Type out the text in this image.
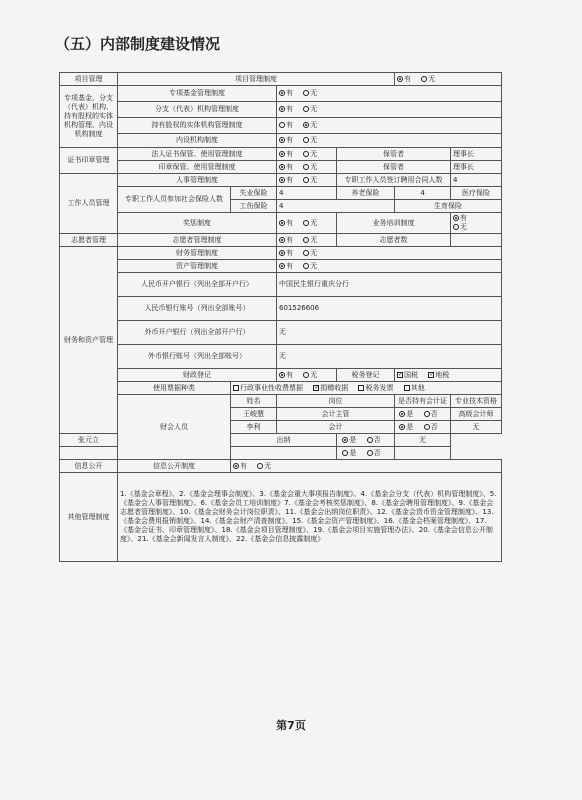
（五）内部制度建设情况
项目管理	项目管理制度				有 无		
专项基金、分支（代表）机构、持有股权的实体机构管理、内设机构制度	专项基金管理制度		有 无				
	分支（代表）机构管理制度		有 无				
	持有股权的实体机构管理制度		有 无				
	内设机构制度		有 无				
证书印章管理	法人证书保管、使用管理制度		有 无	保管者		理事长	
	印章保管、使用管理制度		有 无	保管者		理事长	
工作人员管理	人事管理制度		有 无	专职工作人员签订聘用合同人数		4	
	专职工作人员参加社会保险人数	失业保险	4	养老保险	4	医疗保险	
		工伤保险	4		生育保险	
	奖惩制度		有 无	业务培训制度		有 无	
志愿者管理	志愿者管理制度		有 无	志愿者数			
财务和资产管理	财务管理制度		有 无				
	资产管理制度		有 无				
	人民币开户银行（列出全部开户行）		中国民生银行重庆分行				
	人民币银行账号（列出全部账号）		601526606				
	外币开户银行（列出全部开户行）		无				
	外币银行账号（列出全部账号）		无				
	财政登记		有 无	税务登记	✓国税 ✓地税	
	使用票据种类	行政事业性收费票据 ✓捐赠收据 税务发票 其他					
	财会人员	姓名	岗位		是否持有会计证	专业技术资格	
		王峻慧	会计主管		是 否	高级会计师	
		李利	会计		是 否	无	
张元立		出纳		是 否	无		
				是 否			
信息公开	信息公开制度	有 无					
其他管理制度	1.《基金会章程》、2.《基金会理事会制度》、3.《基金会重大事项报告制度》、4.《基金会分支（代表）机构管理制度》、5.《基金会人事管理制度》、6.《基金会员工培训制度》7.《基金会考核奖惩制度》、8.《基金会聘用管理制度》、9.《基金会志愿者管理制度》、10.《基金会财务会计岗位职责》、11.《基金会出纳岗位职责》、12.《基金会货币资金管理制度》、13.《基金会费用报销制度》、14.《基金会财产清查制度》、15.《基金会资产管理制度》、16.《基金会档案管理制度》、17.《基金会证书、印章管理制度》、18.《基金会项目管理制度》、19.《基金会项目实施管理办法》、20.《基金会信息公开制度》、21.《基金会新闻发言人制度》、22.《基金会信息披露制度》						
第7页
